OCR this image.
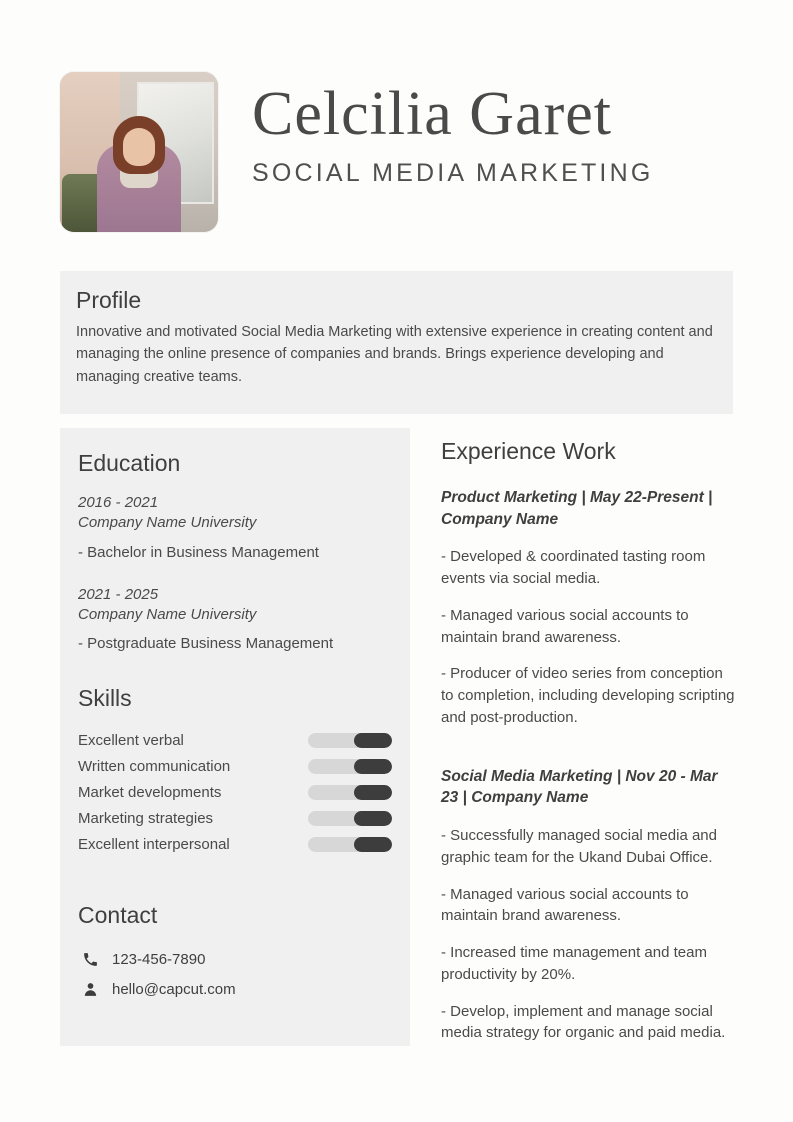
Celcilia Garet
SOCIAL MEDIA MARKETING
Profile
Innovative and motivated Social Media Marketing with extensive experience in creating content and managing the online presence of companies and brands. Brings experience developing and managing creative teams.
Education
2016 - 2021
Company Name University
- Bachelor in Business Management
2021 - 2025
Company Name University
- Postgraduate Business Management
Skills
Excellent verbal
Written communication
Market developments
Marketing strategies
Excellent interpersonal
Contact
123-456-7890
hello@capcut.com
Experience Work
Product Marketing | May 22-Present | Company Name
- Developed & coordinated tasting room events via social media.
- Managed various social accounts to maintain brand awareness.
- Producer of video series from conception to completion, including developing scripting and post-production.
Social Media Marketing | Nov 20 - Mar 23 | Company Name
- Successfully managed social media and graphic team for the Ukand Dubai Office.
- Managed various social accounts to maintain brand awareness.
- Increased time management and team productivity by 20%.
- Develop, implement and manage social media strategy for organic and paid media.
